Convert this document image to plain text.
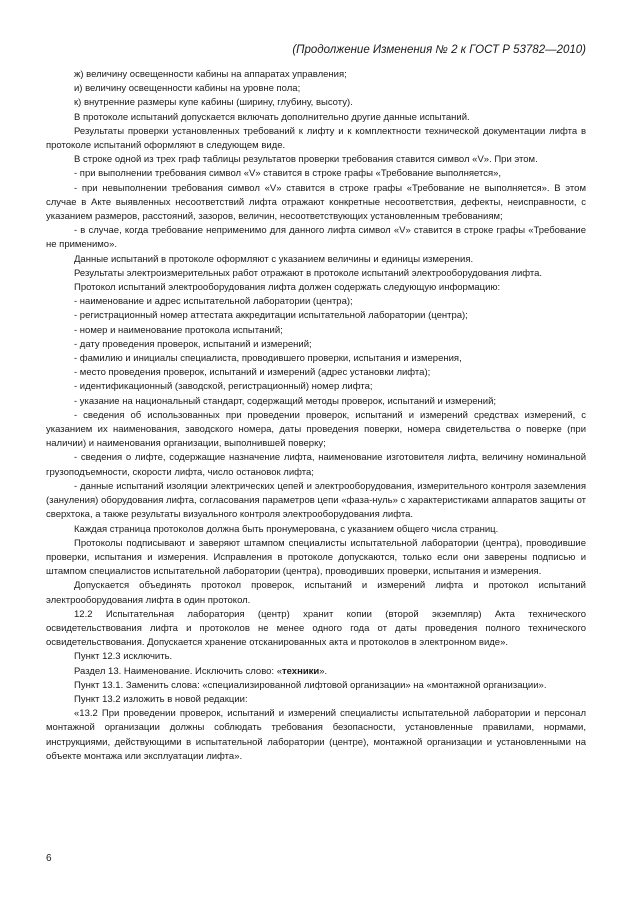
(Продолжение Изменения № 2 к ГОСТ Р 53782—2010)

ж) величину освещенности кабины на аппаратах управления;

и) величину освещенности кабины на уровне пола;

к) внутренние размеры купе кабины (ширину, глубину, высоту).

В протоколе испытаний допускается включать дополнительно другие данные испытаний.

Результаты проверки установленных требований к лифту и к комплектности технической документации лифта в протоколе испытаний оформляют в следующем виде.

В строке одной из трех граф таблицы результатов проверки требования ставится символ «V». При этом.

- при выполнении требования символ «V» ставится в строке графы «Требование выполняется»,

- при невыполнении требования символ «V» ставится в строке графы «Требование не выполняется». В этом случае в Акте выявленных несоответствий лифта отражают конкретные несоответствия, дефекты, неисправности, с указанием размеров, расстояний, зазоров, величин, несоответствующих установленным требованиям;

- в случае, когда требование неприменимо для данного лифта символ «V» ставится в строке графы «Требование не применимо».

Данные испытаний в протоколе оформляют с указанием величины и единицы измерения.

Результаты электроизмерительных работ отражают в протоколе испытаний электрооборудования лифта.

Протокол испытаний электрооборудования лифта должен содержать следующую информацию:

- наименование и адрес испытательной лаборатории (центра);

- регистрационный номер аттестата аккредитации испытательной лаборатории (центра);

- номер и наименование протокола испытаний;

- дату проведения проверок, испытаний и измерений;

- фамилию и инициалы специалиста, проводившего проверки, испытания и измерения,

- место проведения проверок, испытаний и измерений (адрес установки лифта);

- идентификационный (заводской, регистрационный) номер лифта;

- указание на национальный стандарт, содержащий методы проверок, испытаний и измерений;

- сведения об использованных при проведении проверок, испытаний и измерений средствах измерений, с указанием их наименования, заводского номера, даты проведения поверки, номера свидетельства о поверке (при наличии) и наименования организации, выполнившей поверку;

- сведения о лифте, содержащие назначение лифта, наименование изготовителя лифта, величину номинальной грузоподъемности, скорости лифта, число остановок лифта;

- данные испытаний изоляции электрических цепей и электрооборудования, измерительного контроля заземления (зануления) оборудования лифта, согласования параметров цепи «фаза-нуль» с характеристиками аппаратов защиты от сверхтока, а также результаты визуального контроля электрооборудования лифта.

Каждая страница протоколов должна быть пронумерована, с указанием общего числа страниц.

Протоколы подписывают и заверяют штампом специалисты испытательной лаборатории (центра), проводившие проверки, испытания и измерения. Исправления в протоколе допускаются, только если они заверены подписью и штампом специалистов испытательной лаборатории (центра), проводивших проверки, испытания и измерения.

Допускается объединять протокол проверок, испытаний и измерений лифта и протокол испытаний электрооборудования лифта в один протокол.

12.2 Испытательная лаборатория (центр) хранит копии (второй экземпляр) Акта технического освидетельствования лифта и протоколов не менее одного года от даты проведения полного технического освидетельствования. Допускается хранение отсканированных акта и протоколов в электронном виде».

Пункт 12.3 исключить.

Раздел 13. Наименование. Исключить слово: «техники».

Пункт 13.1. Заменить слова: «специализированной лифтовой организации» на «монтажной организации».

Пункт 13.2 изложить в новой редакции:

«13.2 При проведении проверок, испытаний и измерений специалисты испытательной лаборатории и персонал монтажной организации должны соблюдать требования безопасности, установленные правилами, нормами, инструкциями, действующими в испытательной лаборатории (центре), монтажной организации и установленными на объекте монтажа или эксплуатации лифта».

6
